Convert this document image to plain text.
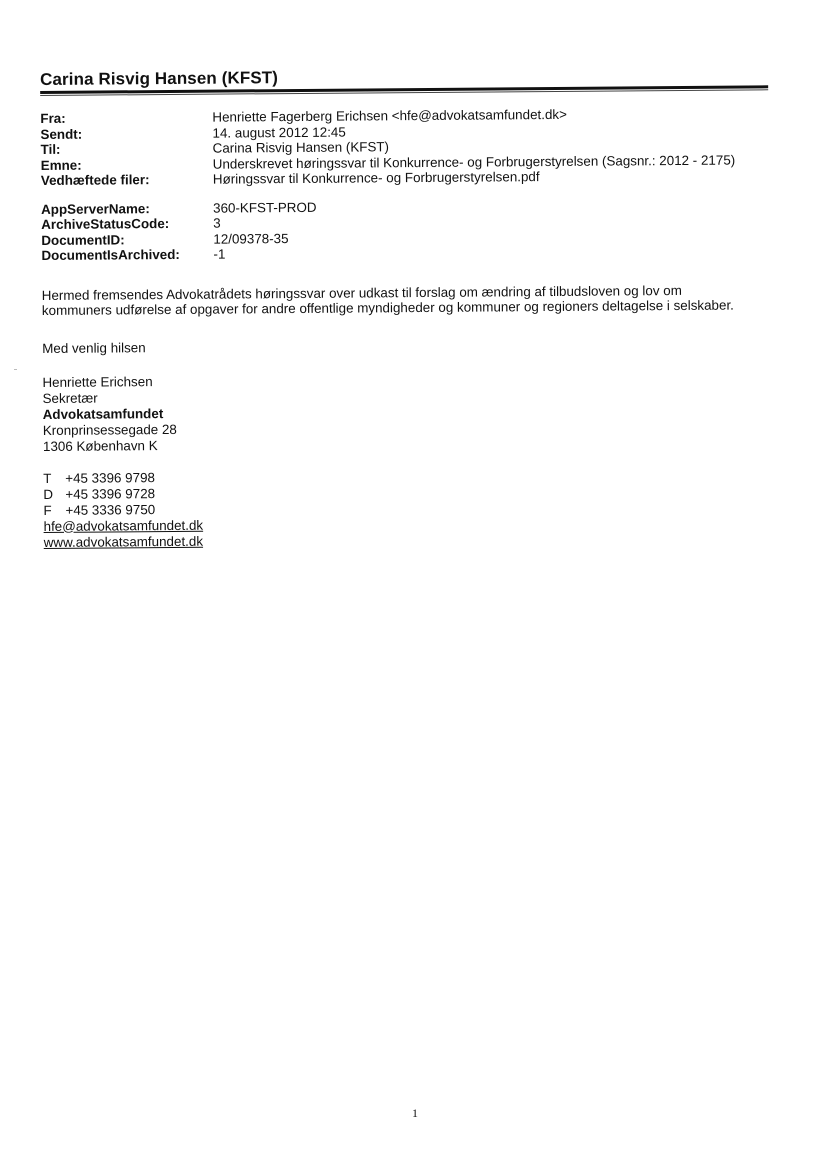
Carina Risvig Hansen (KFST)
Fra:	Henriette Fagerberg Erichsen <hfe@advokatsamfundet.dk>
Sendt:	14. august 2012 12:45
Til:	Carina Risvig Hansen (KFST)
Emne:	Underskrevet høringssvar til Konkurrence- og Forbrugerstyrelsen (Sagsnr.: 2012 - 2175)
Vedhæftede filer:	Høringssvar til Konkurrence- og Forbrugerstyrelsen.pdf
AppServerName:	360-KFST-PROD
ArchiveStatusCode:	3
DocumentID:	12/09378-35
DocumentIsArchived:	-1
Hermed fremsendes Advokatrådets høringssvar over udkast til forslag om ændring af tilbudsloven og lov om
kommuners udførelse af opgaver for andre offentlige myndigheder og kommuner og regioners deltagelse i selskaber.
Med venlig hilsen
Henriette Erichsen
Sekretær
Advokatsamfundet
Kronprinsessegade 28
1306 København K
T	+45 3396 9798
D +45 3396 9728
F	+45 3336 9750
hfe@advokatsamfundet.dk
www.advokatsamfundet.dk
1
